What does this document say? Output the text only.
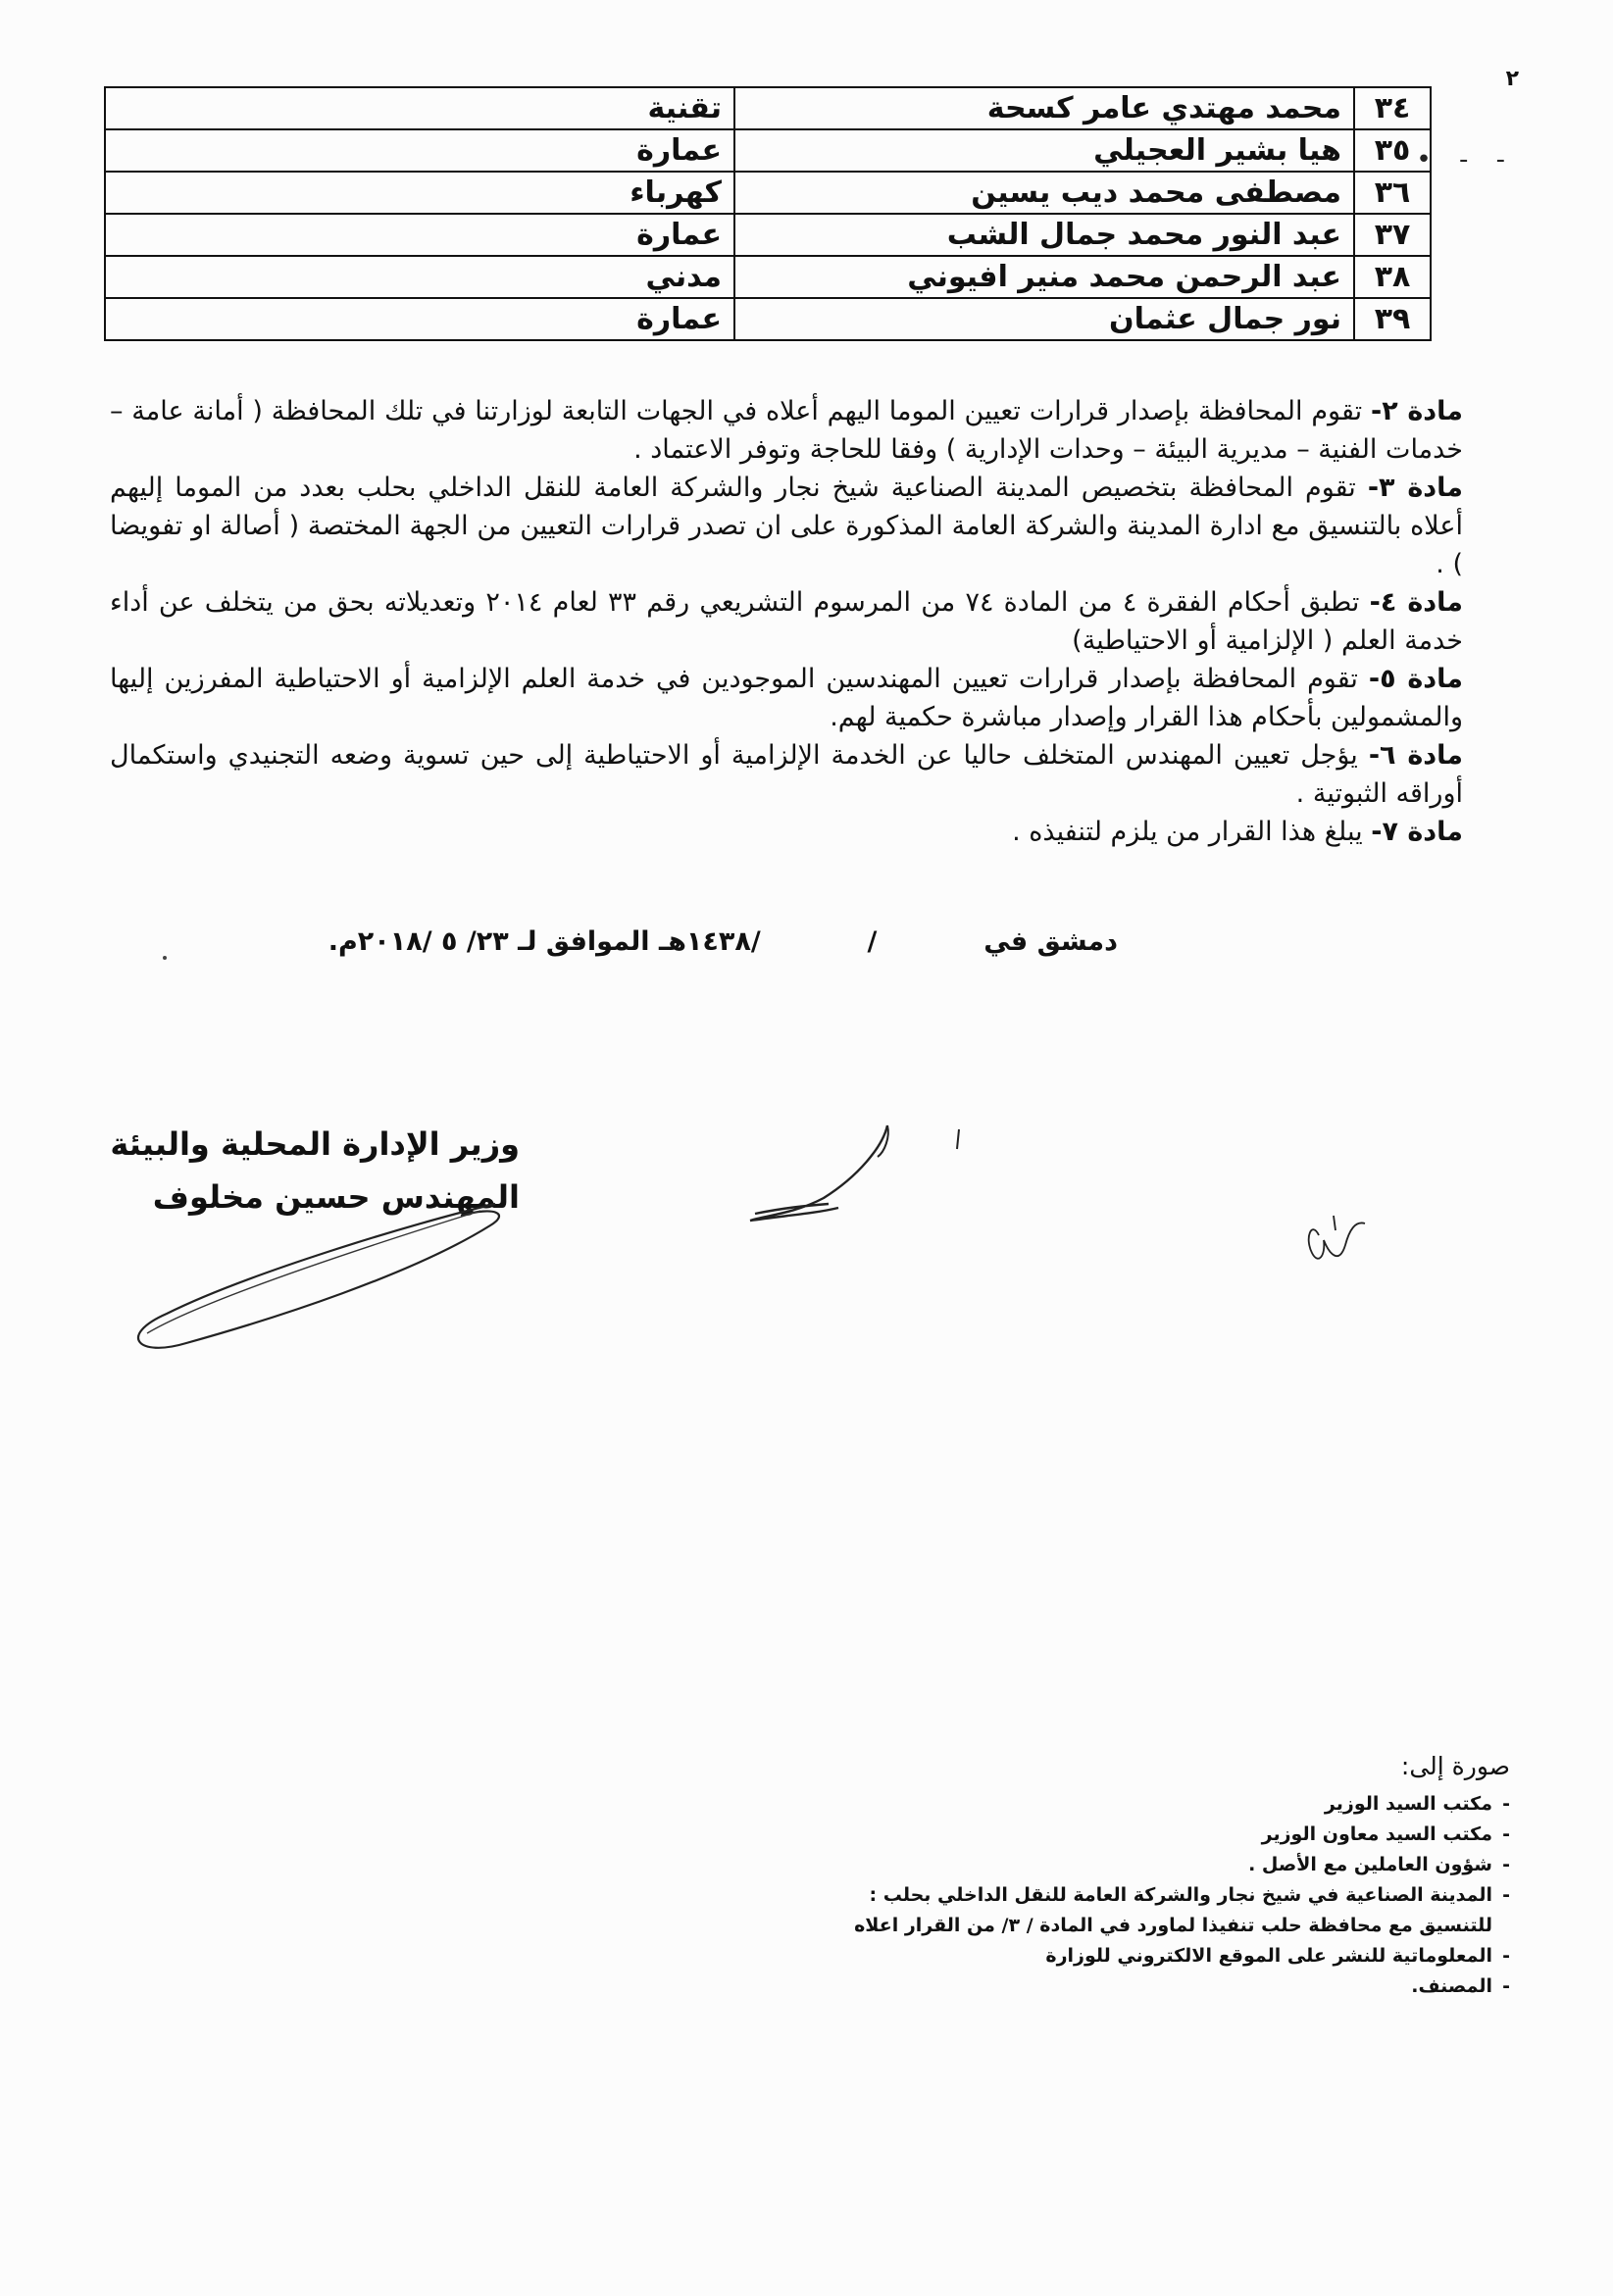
٢
• - -
٣٤	محمد مهتدي عامر كسحة	تقنية
٣٥	هيا بشير العجيلي	عمارة
٣٦	مصطفى محمد ديب يسين	كهرباء
٣٧	عبد النور محمد جمال الشب	عمارة
٣٨	عبد الرحمن محمد منير افيوني	مدني
٣٩	نور جمال عثمان	عمارة

مادة ٢- تقوم المحافظة بإصدار قرارات تعيين الموما اليهم أعلاه في الجهات التابعة لوزارتنا في تلك المحافظة ( أمانة عامة – خدمات الفنية – مديرية البيئة – وحدات الإدارية ) وفقا للحاجة وتوفر الاعتماد .

مادة ٣- تقوم المحافظة بتخصيص المدينة الصناعية شيخ نجار والشركة العامة للنقل الداخلي بحلب بعدد من الموما إليهم أعلاه بالتنسيق مع ادارة المدينة والشركة العامة المذكورة على ان تصدر قرارات التعيين من الجهة المختصة ( أصالة او تفويضا ) .

مادة ٤- تطبق أحكام الفقرة ٤ من المادة ٧٤ من المرسوم التشريعي رقم ٣٣ لعام ٢٠١٤ وتعديلاته بحق من يتخلف عن أداء خدمة العلم ( الإلزامية أو الاحتياطية)

مادة ٥- تقوم المحافظة بإصدار قرارات تعيين المهندسين الموجودين في خدمة العلم الإلزامية أو الاحتياطية المفرزين إليها والمشمولين بأحكام هذا القرار وإصدار مباشرة حكمية لهم.

مادة ٦- يؤجل تعيين المهندس المتخلف حاليا عن الخدمة الإلزامية أو الاحتياطية إلى حين تسوية وضعه التجنيدي واستكمال أوراقه الثبوتية .

مادة ٧- يبلغ هذا القرار من يلزم لتنفيذه .

دمشق في  /  /١٤٣٨هـ الموافق لـ ٢٣/ ٥ /٢٠١٨م.
وزير الإدارة المحلية والبيئة
المهندس حسين مخلوف
صورة إلى:
-مكتب السيد الوزير
-مكتب السيد معاون الوزير
-شؤون العاملين مع الأصل .
-المدينة الصناعية في شيخ نجار والشركة العامة للنقل الداخلي بحلب :
للتنسيق مع محافظة حلب تنفيذا لماورد في المادة / ٣/ من القرار اعلاه
-المعلوماتية للنشر على الموقع الالكتروني للوزارة
-المصنف.
